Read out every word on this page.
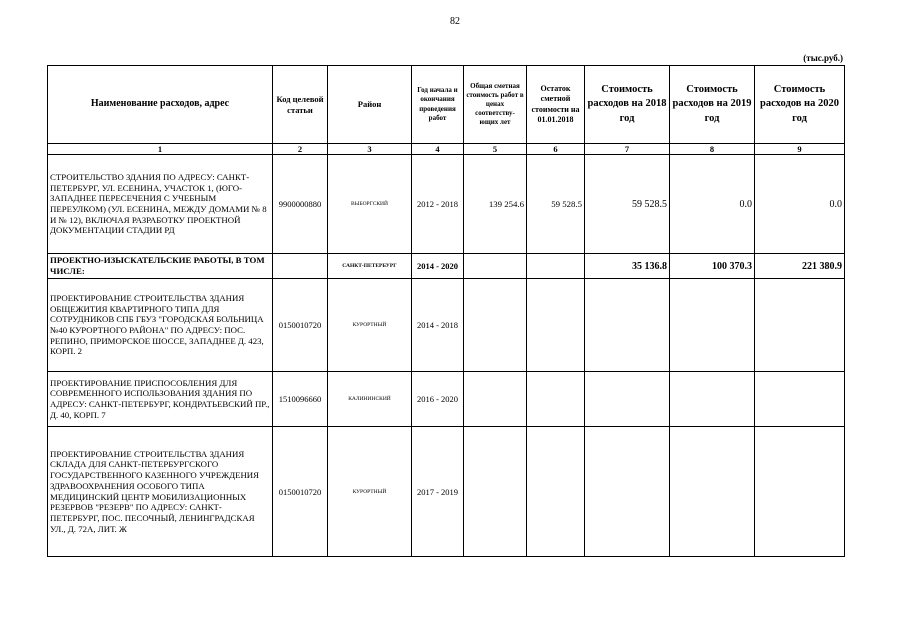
82
(тыс.руб.)
Наименование расходов, адрес	Код целевой статьи	Район	Год начала и окончания проведения работ	Общая сметная стоимость работ в ценах соответству-ющих лет	Остаток сметной стоимости на 01.01.2018	Стоимость расходов на 2018 год	Стоимость расходов на 2019 год	Стоимость расходов на 2020 год
1	2	3	4	5	6	7	8	9
СТРОИТЕЛЬСТВО ЗДАНИЯ ПО АДРЕСУ: САНКТ-ПЕТЕРБУРГ, УЛ. ЕСЕНИНА, УЧАСТОК 1, (ЮГО-ЗАПАДНЕЕ ПЕРЕСЕЧЕНИЯ С УЧЕБНЫМ ПЕРЕУЛКОМ) (УЛ. ЕСЕНИНА, МЕЖДУ ДОМАМИ № 8 И № 12), ВКЛЮЧАЯ РАЗРАБОТКУ ПРОЕКТНОЙ ДОКУМЕНТАЦИИ СТАДИИ РД	9900000880	ВЫБОРГСКИЙ	2012 - 2018	139 254.6	59 528.5	59 528.5	0.0	0.0
ПРОЕКТНО-ИЗЫСКАТЕЛЬСКИЕ РАБОТЫ, В ТОМ ЧИСЛЕ:		САНКТ-ПЕТЕРБУРГ	2014 - 2020			35 136.8	100 370.3	221 380.9
ПРОЕКТИРОВАНИЕ СТРОИТЕЛЬСТВА ЗДАНИЯ ОБЩЕЖИТИЯ КВАРТИРНОГО ТИПА ДЛЯ СОТРУДНИКОВ СПБ ГБУЗ "ГОРОДСКАЯ БОЛЬНИЦА №40 КУРОРТНОГО РАЙОНА" ПО АДРЕСУ: ПОС. РЕПИНО, ПРИМОРСКОЕ ШОССЕ, ЗАПАДНЕЕ Д. 423, КОРП. 2	0150010720	КУРОРТНЫЙ	2014 - 2018					
ПРОЕКТИРОВАНИЕ ПРИСПОСОБЛЕНИЯ ДЛЯ СОВРЕМЕННОГО ИСПОЛЬЗОВАНИЯ ЗДАНИЯ ПО АДРЕСУ: САНКТ-ПЕТЕРБУРГ, КОНДРАТЬЕВСКИЙ ПР., Д. 40, КОРП. 7	1510096660	КАЛИНИНСКИЙ	2016 - 2020					
ПРОЕКТИРОВАНИЕ СТРОИТЕЛЬСТВА ЗДАНИЯ СКЛАДА ДЛЯ САНКТ-ПЕТЕРБУРГСКОГО ГОСУДАРСТВЕННОГО КАЗЕННОГО УЧРЕЖДЕНИЯ ЗДРАВООХРАНЕНИЯ ОСОБОГО ТИПА МЕДИЦИНСКИЙ ЦЕНТР МОБИЛИЗАЦИОННЫХ РЕЗЕРВОВ "РЕЗЕРВ" ПО АДРЕСУ: САНКТ-ПЕТЕРБУРГ, ПОС. ПЕСОЧНЫЙ, ЛЕНИНГРАДСКАЯ УЛ., Д. 72А, ЛИТ. Ж	0150010720	КУРОРТНЫЙ	2017 - 2019					
